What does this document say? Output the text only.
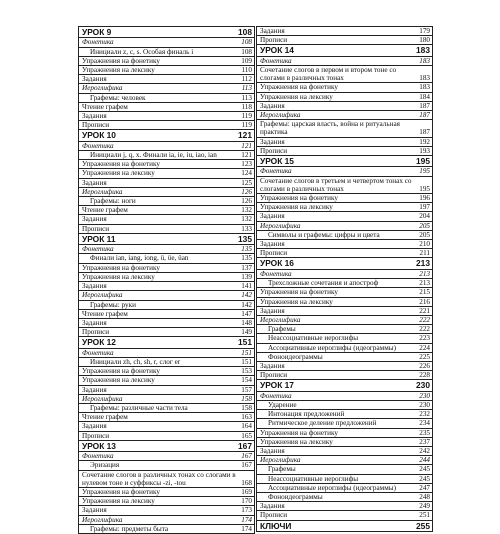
УРОК 9	108
Фонетика	108
Инициали z, c, s. Особая финаль i	108
Упражнения на фонетику	109
Упражнения на лексику	110
Задания	112
Иероглифика	113
Графемы: человек	113
Чтение графем	118
Задания	119
Прописи	119
УРОК 10	121
Фонетика	121
Инициали j, q, x. Финали ia, ie, iu, iao, ian	121
Упражнения на фонетику	123
Упражнения на лексику	124
Задания	125
Иероглифика	126
Графемы: ноги	126
Чтение графем	132
Задания	132
Прописи	133
УРОК 11	135
Фонетика	135
Финали ian, iang, iong, ü, üe, üan	135
Упражнения на фонетику	137
Упражнения на лексику	139
Задания	141
Иероглифика	142
Графемы: руки	142
Чтение графем	147
Задания	148
Прописи	149
УРОК 12	151
Фонетика	151
Инициали zh, ch, sh, r, слог er	151
Упражнения на фонетику	153
Упражнения на лексику	154
Задания	157
Иероглифика	158
Графемы: различные части тела	158
Чтение графем	163
Задания	164
Прописи	165
УРОК 13	167
Фонетика	167
Эризация	167
Сочетание слогов в различных тонах со слогами в нулевом тоне и суффиксы -zi, -tou	168
Упражнения на фонетику	169
Упражнения на лексику	170
Задания	173
Иероглифика	174
Графемы: предметы быта	174
Задания	179
Прописи	180
УРОК 14	183
Фонетика	183
Сочетание слогов в первом и втором тоне со слогами в различных тонах	183
Упражнения на фонетику	183
Упражнения на лексику	184
Задания	187
Иероглифика	187
Графемы: царская власть, война и ритуальная практика	187
Задания	192
Прописи	193
УРОК 15	195
Фонетика	195
Сочетание слогов в третьем и четвертом тонах со слогами в различных тонах	195
Упражнения на фонетику	196
Упражнения на лексику	197
Задания	204
Иероглифика	205
Символы и графемы: цифры и цвета	205
Задания	210
Прописи	211
УРОК 16	213
Фонетика	213
Трехсложные сочетания и апостроф	213
Упражнения на фонетику	215
Упражнения на лексику	216
Задания	221
Иероглифика	222
Графемы	222
Неассоциативные иероглифы	223
Ассоциативные иероглифы (идеограммы)	224
Фоноидеограммы	225
Задания	226
Прописи	228
УРОК 17	230
Фонетика	230
Ударение	230
Интонация предложений	232
Ритмическое деление предложений	234
Упражнения на фонетику	235
Упражнения на лексику	237
Задания	242
Иероглифика	244
Графемы	245
Неассоциативные иероглифы	245
Ассоциативные иероглифы (идеограммы)	247
Фоноидеограммы	248
Задания	249
Прописи	251
КЛЮЧИ	255
